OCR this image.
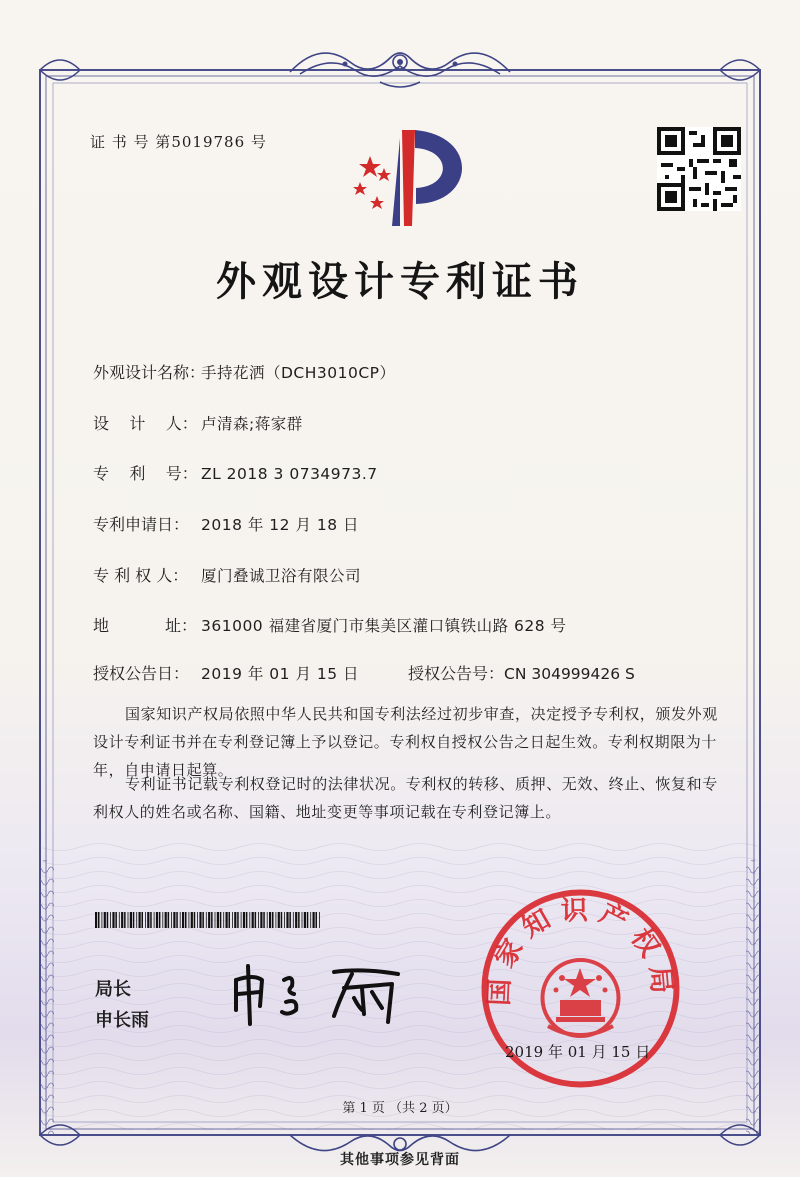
证 书 号 第5019786 号
外观设计专利证书
外观设计名称：手持花洒（DCH3010CP）
设    计    人： 卢清森;蒋家群
专    利    号： ZL 2018 3 0734973.7
专利申请日： 2018 年 12 月 18 日
专 利 权 人： 厦门叠诚卫浴有限公司
地           址： 361000 福建省厦门市集美区灌口镇铁山路 628 号
授权公告日： 2019 年 01 月 15 日	授权公告号：CN 304999426 S
国家知识产权局依照中华人民共和国专利法经过初步审查，决定授予专利权，颁发外观设计专利证书并在专利登记簿上予以登记。专利权自授权公告之日起生效。专利权期限为十年，自申请日起算。
专利证书记载专利权登记时的法律状况。专利权的转移、质押、无效、终止、恢复和专利权人的姓名或名称、国籍、地址变更等事项记载在专利登记簿上。
局长
申长雨
国家知识产权局
2019 年 01 月 15 日
第 1 页 （共 2 页）
其他事项参见背面
